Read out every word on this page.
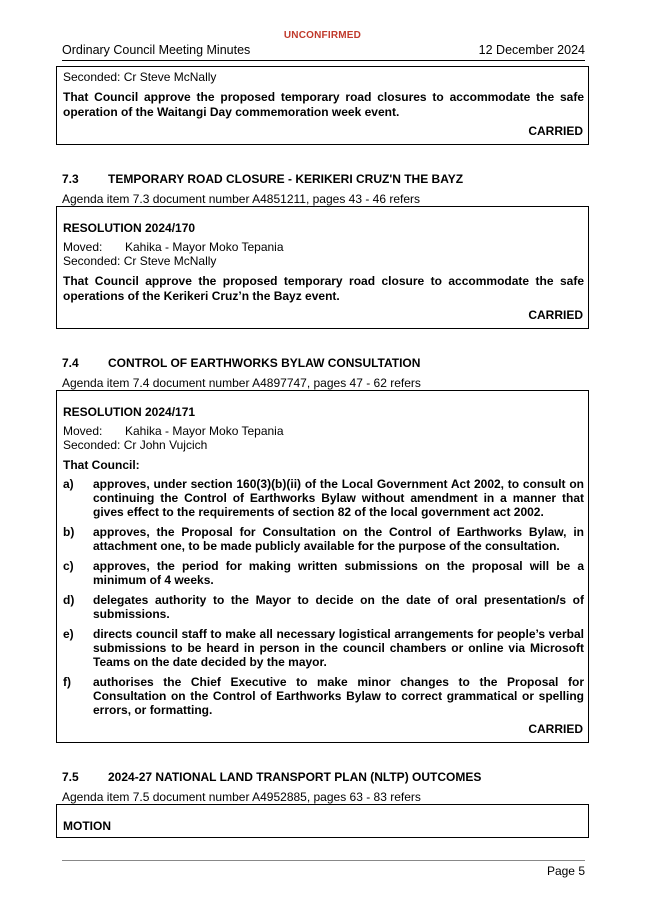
UNCONFIRMED
Ordinary Council Meeting Minutes	12 December 2024
Seconded: Cr Steve McNally
That Council approve the proposed temporary road closures to accommodate the safe operation of the Waitangi Day commemoration week event.
CARRIED
7.3 TEMPORARY ROAD CLOSURE - KERIKERI CRUZ'N THE BAYZ
Agenda item 7.3 document number A4851211, pages 43 - 46 refers
RESOLUTION 2024/170
Moved: Kahika - Mayor Moko Tepania
Seconded: Cr Steve McNally
That Council approve the proposed temporary road closure to accommodate the safe operations of the Kerikeri Cruz’n the Bayz event.
CARRIED
7.4 CONTROL OF EARTHWORKS BYLAW CONSULTATION
Agenda item 7.4 document number A4897747, pages 47 - 62 refers
RESOLUTION 2024/171
Moved: Kahika - Mayor Moko Tepania
Seconded: Cr John Vujcich
That Council:
a) approves, under section 160(3)(b)(ii) of the Local Government Act 2002, to consult on continuing the Control of Earthworks Bylaw without amendment in a manner that gives effect to the requirements of section 82 of the local government act 2002.
b) approves, the Proposal for Consultation on the Control of Earthworks Bylaw, in attachment one, to be made publicly available for the purpose of the consultation.
c) approves, the period for making written submissions on the proposal will be a minimum of 4 weeks.
d) delegates authority to the Mayor to decide on the date of oral presentation/s of submissions.
e) directs council staff to make all necessary logistical arrangements for people’s verbal submissions to be heard in person in the council chambers or online via Microsoft Teams on the date decided by the mayor.
f) authorises the Chief Executive to make minor changes to the Proposal for Consultation on the Control of Earthworks Bylaw to correct grammatical or spelling errors, or formatting.
CARRIED
7.5 2024-27 NATIONAL LAND TRANSPORT PLAN (NLTP) OUTCOMES
Agenda item 7.5 document number A4952885, pages 63 - 83 refers
MOTION
Page 5
